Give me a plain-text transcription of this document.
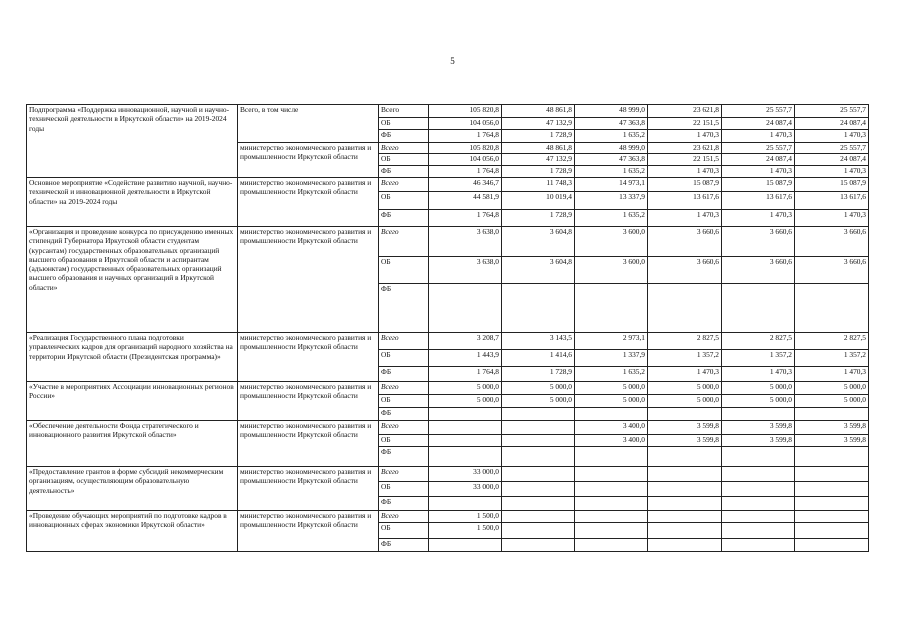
5
Подпрограмма «Поддержка инновационной, научной и научно-технической деятельности в Иркутской области» на 2019-2024 годы	Всего, в том числе	Всего	105 820,8	48 861,8	48 999,0	23 621,8	25 557,7	25 557,7
		ОБ	104 056,0	47 132,9	47 363,8	22 151,5	24 087,4	24 087,4
		ФБ	1 764,8	1 728,9	1 635,2	1 470,3	1 470,3	1 470,3
	министерство экономического развития и промышленности Иркутской области	Всего	105 820,8	48 861,8	48 999,0	23 621,8	25 557,7	25 557,7
		ОБ	104 056,0	47 132,9	47 363,8	22 151,5	24 087,4	24 087,4
		ФБ	1 764,8	1 728,9	1 635,2	1 470,3	1 470,3	1 470,3
Основное мероприятие «Содействие развитию научной, научно-технической и инновационной деятельности в Иркутской области» на 2019-2024 годы	министерство экономического развития и промышленности Иркутской области	Всего	46 346,7	11 748,3	14 973,1	15 087,9	15 087,9	15 087,9
		ОБ	44 581,9	10 019,4	13 337,9	13 617,6	13 617,6	13 617,6
		ФБ	1 764,8	1 728,9	1 635,2	1 470,3	1 470,3	1 470,3
«Организация и проведение конкурса по присуждению именных стипендий Губернатора Иркутской области студентам (курсантам) государственных образовательных организаций высшего образования в Иркутской области и аспирантам (адъюнктам) государственных образовательных организаций высшего образования и научных организаций в Иркутской области»	министерство экономического развития и промышленности Иркутской области	Всего	3 638,0	3 604,8	3 600,0	3 660,6	3 660,6	3 660,6
		ОБ	3 638,0	3 604,8	3 600,0	3 660,6	3 660,6	3 660,6
		ФБ						
«Реализация Государственного плана подготовки управленческих кадров для организаций народного хозяйства на территории Иркутской области (Президентская программа)»	министерство экономического развития и промышленности Иркутской области	Всего	3 208,7	3 143,5	2 973,1	2 827,5	2 827,5	2 827,5
		ОБ	1 443,9	1 414,6	1 337,9	1 357,2	1 357,2	1 357,2
		ФБ	1 764,8	1 728,9	1 635,2	1 470,3	1 470,3	1 470,3
«Участие в мероприятиях Ассоциации инновационных регионов России»	министерство экономического развития и промышленности Иркутской области	Всего	5 000,0	5 000,0	5 000,0	5 000,0	5 000,0	5 000,0
		ОБ	5 000,0	5 000,0	5 000,0	5 000,0	5 000,0	5 000,0
		ФБ						
«Обеспечение деятельности Фонда стратегического и инновационного развития Иркутской области»	министерство экономического развития и промышленности Иркутской области	Всего			3 400,0	3 599,8	3 599,8	3 599,8
		ОБ			3 400,0	3 599,8	3 599,8	3 599,8
		ФБ						
«Предоставление грантов в форме субсидий некоммерческим организациям, осуществляющим образовательную деятельность»	министерство экономического развития и промышленности Иркутской области	Всего	33 000,0					
		ОБ	33 000,0					
		ФБ						
«Проведение обучающих мероприятий по подготовке кадров в инновационных сферах экономики Иркутской области»	министерство экономического развития и промышленности Иркутской области	Всего	1 500,0					
		ОБ	1 500,0					
		ФБ						
